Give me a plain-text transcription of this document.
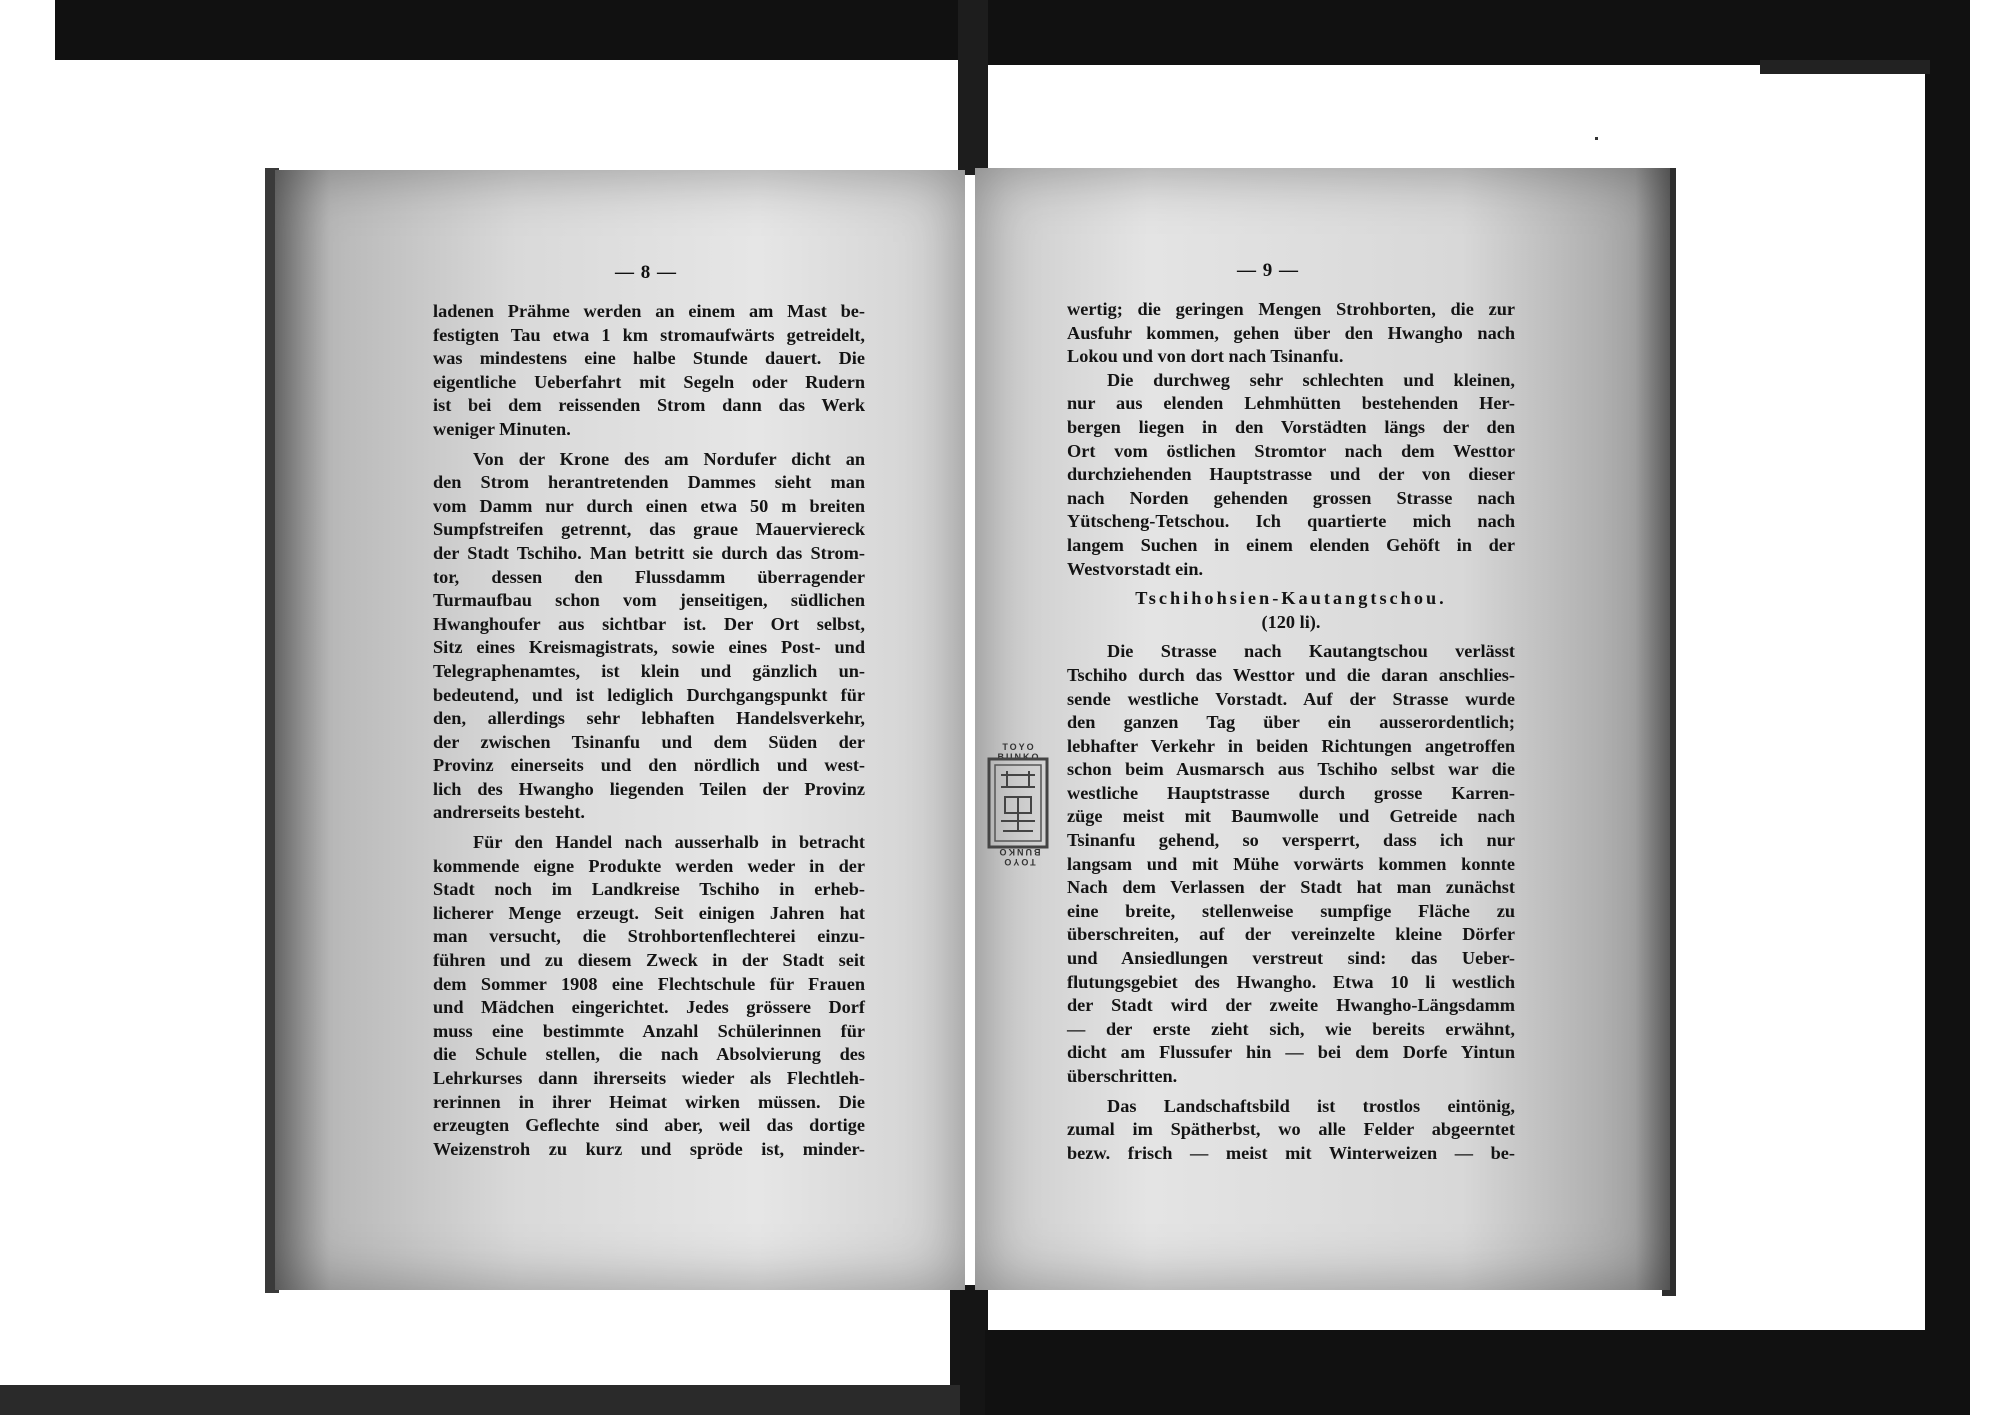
— 8 —
ladenen Prähme werden an einem am Mast be-
festigten Tau etwa 1 km stromaufwärts getreidelt,
was mindestens eine halbe Stunde dauert. Die
eigentliche Ueberfahrt mit Segeln oder Rudern
ist bei dem reissenden Strom dann das Werk
weniger Minuten.
Von der Krone des am Nordufer dicht an
den Strom herantretenden Dammes sieht man
vom Damm nur durch einen etwa 50 m breiten
Sumpfstreifen getrennt, das graue Mauerviereck
der Stadt Tschiho. Man betritt sie durch das Strom-
tor, dessen den Flussdamm überragender
Turmaufbau schon vom jenseitigen, südlichen
Hwanghoufer aus sichtbar ist. Der Ort selbst,
Sitz eines Kreismagistrats, sowie eines Post- und
Telegraphenamtes, ist klein und gänzlich un-
bedeutend, und ist lediglich Durchgangspunkt für
den, allerdings sehr lebhaften Handelsverkehr,
der zwischen Tsinanfu und dem Süden der
Provinz einerseits und den nördlich und west-
lich des Hwangho liegenden Teilen der Provinz
andrerseits besteht.
Für den Handel nach ausserhalb in betracht
kommende eigne Produkte werden weder in der
Stadt noch im Landkreise Tschiho in erheb-
licherer Menge erzeugt. Seit einigen Jahren hat
man versucht, die Strohbortenflechterei einzu-
führen und zu diesem Zweck in der Stadt seit
dem Sommer 1908 eine Flechtschule für Frauen
und Mädchen eingerichtet. Jedes grössere Dorf
muss eine bestimmte Anzahl Schülerinnen für
die Schule stellen, die nach Absolvierung des
Lehrkurses dann ihrerseits wieder als Flechtleh-
rerinnen in ihrer Heimat wirken müssen. Die
erzeugten Geflechte sind aber, weil das dortige
Weizenstroh zu kurz und spröde ist, minder-
— 9 —
wertig; die geringen Mengen Strohborten, die zur
Ausfuhr kommen, gehen über den Hwangho nach
Lokou und von dort nach Tsinanfu.
Die durchweg sehr schlechten und kleinen,
nur aus elenden Lehmhütten bestehenden Her-
bergen liegen in den Vorstädten längs der den
Ort vom östlichen Stromtor nach dem Westtor
durchziehenden Hauptstrasse und der von dieser
nach Norden gehenden grossen Strasse nach
Yütscheng-Tetschou. Ich quartierte mich nach
langem Suchen in einem elenden Gehöft in der
Westvorstadt ein.
Tschihohsien-Kautangtschou.
(120 li).
Die Strasse nach Kautangtschou verlässt
Tschiho durch das Westtor und die daran anschlies-
sende westliche Vorstadt. Auf der Strasse wurde
den ganzen Tag über ein ausserordentlich;
lebhafter Verkehr in beiden Richtungen angetroffen
schon beim Ausmarsch aus Tschiho selbst war die
westliche Hauptstrasse durch grosse Karren-
züge meist mit Baumwolle und Getreide nach
Tsinanfu gehend, so versperrt, dass ich nur
langsam und mit Mühe vorwärts kommen konnte
Nach dem Verlassen der Stadt hat man zunächst
eine breite, stellenweise sumpfige Fläche zu
überschreiten, auf der vereinzelte kleine Dörfer
und Ansiedlungen verstreut sind: das Ueber-
flutungsgebiet des Hwangho. Etwa 10 li westlich
der Stadt wird der zweite Hwangho-Längsdamm
— der erste zieht sich, wie bereits erwähnt,
dicht am Flussufer hin — bei dem Dorfe Yintun
überschritten.
Das Landschaftsbild ist trostlos eintönig,
zumal im Spätherbst, wo alle Felder abgeerntet
bezw. frisch — meist mit Winterweizen — be-
TOYO BUNKO
TOYO BUNKO
